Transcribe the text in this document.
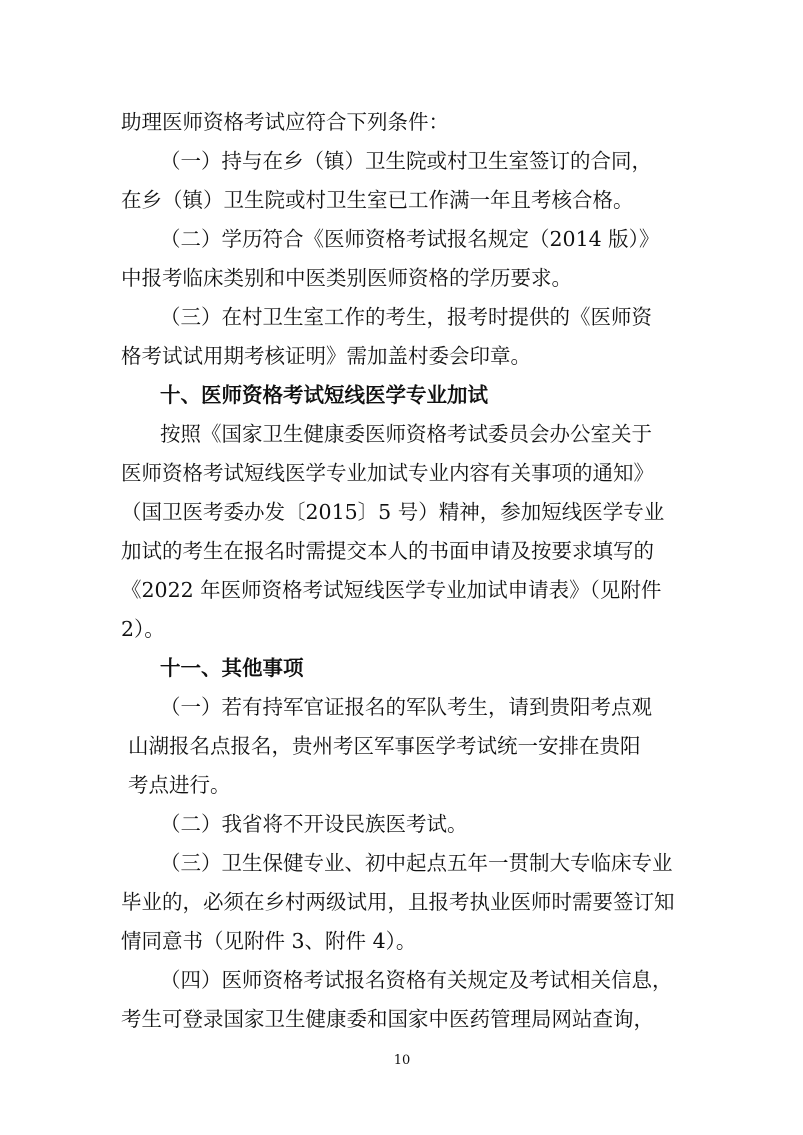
助理医师资格考试应符合下列条件：
（一）持与在乡（镇）卫生院或村卫生室签订的合同，
在乡（镇）卫生院或村卫生室已工作满一年且考核合格。
（二）学历符合《医师资格考试报名规定（2014 版）》
中报考临床类别和中医类别医师资格的学历要求。
（三）在村卫生室工作的考生，报考时提供的《医师资
格考试试用期考核证明》需加盖村委会印章。
十、医师资格考试短线医学专业加试
按照《国家卫生健康委医师资格考试委员会办公室关于
医师资格考试短线医学专业加试专业内容有关事项的通知》
（国卫医考委办发〔2015〕5 号）精神，参加短线医学专业
加试的考生在报名时需提交本人的书面申请及按要求填写的
《2022 年医师资格考试短线医学专业加试申请表》（见附件
2）。
十一、其他事项
（一）若有持军官证报名的军队考生，请到贵阳考点观
山湖报名点报名，贵州考区军事医学考试统一安排在贵阳
考点进行。
（二）我省将不开设民族医考试。
（三）卫生保健专业、初中起点五年一贯制大专临床专业
毕业的，必须在乡村两级试用，且报考执业医师时需要签订知
情同意书（见附件 3、附件 4）。
（四）医师资格考试报名资格有关规定及考试相关信息，
考生可登录国家卫生健康委和国家中医药管理局网站查询，
10
